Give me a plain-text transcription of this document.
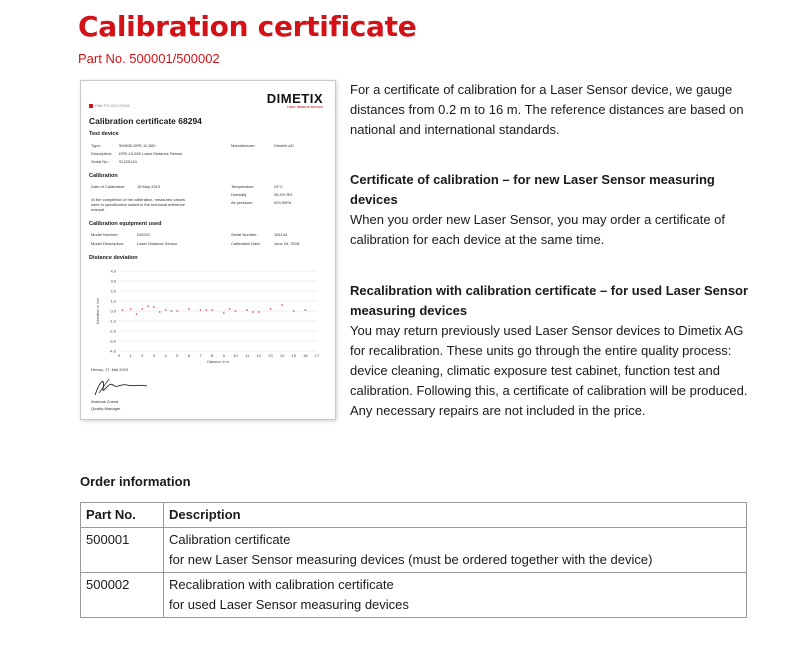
Calibration certificate
Part No. 500001/500002
DIM-FO-0017/2018	DIMETIX
Laser distance sensors
Calibration certificate 68294
Test device
Type:	500630 DPE-10-500
Description: DPE-10-500 Laser Distance Sensor
Serial No.: 91220143
Manufacturer:	Dimetix AG
Calibration
Date of Calibration:	18 May 2019
At the completion of the calibration, measured values
were in specification stated in the technical reference
manual.
Temperature	24°C
Humidity	35,4% RH
Air pressure	929,9hPa
Calibration equipment used
Model Number:	DI2002
Model Description:	Laser Distance Sensor
Serial Number:	181144
Calibration Date:	June 16, 2018
Distance deviation
4,0
3,0
2,0
1,0
0,0
-1,0
-2,0
-3,0
-4,0
0 1 2 3 4 5 6 7 8 9 10 11 12 13 14 15 16 17
Distance in m
Deviation in mm
Henau, 17. Mai 2019
Andreas Zuend
Quality Manager

For a certificate of calibration for a Laser Sensor device, we gauge distances from 0.2 m to 16 m. The reference distances are based on national and international standards.

Certificate of calibration – for new Laser Sensor measuring devices

When you order new Laser Sensor, you may order a certificate of calibration for each device at the same time.

Recalibration with calibration certificate – for used Laser Sensor measuring devices

You may return previously used Laser Sensor devices to Dimetix AG for recalibration. These units go through the entire quality process: device cleaning, climatic exposure test cabinet, function test and calibration. Following this, a certificate of calibration will be produced. Any necessary repairs are not included in the price.

Order information
Part No.	Description
500001	Calibration certificate
for new Laser Sensor measuring devices (must be ordered together with the device)

500002	Recalibration with calibration certificate
for used Laser Sensor measuring devices
